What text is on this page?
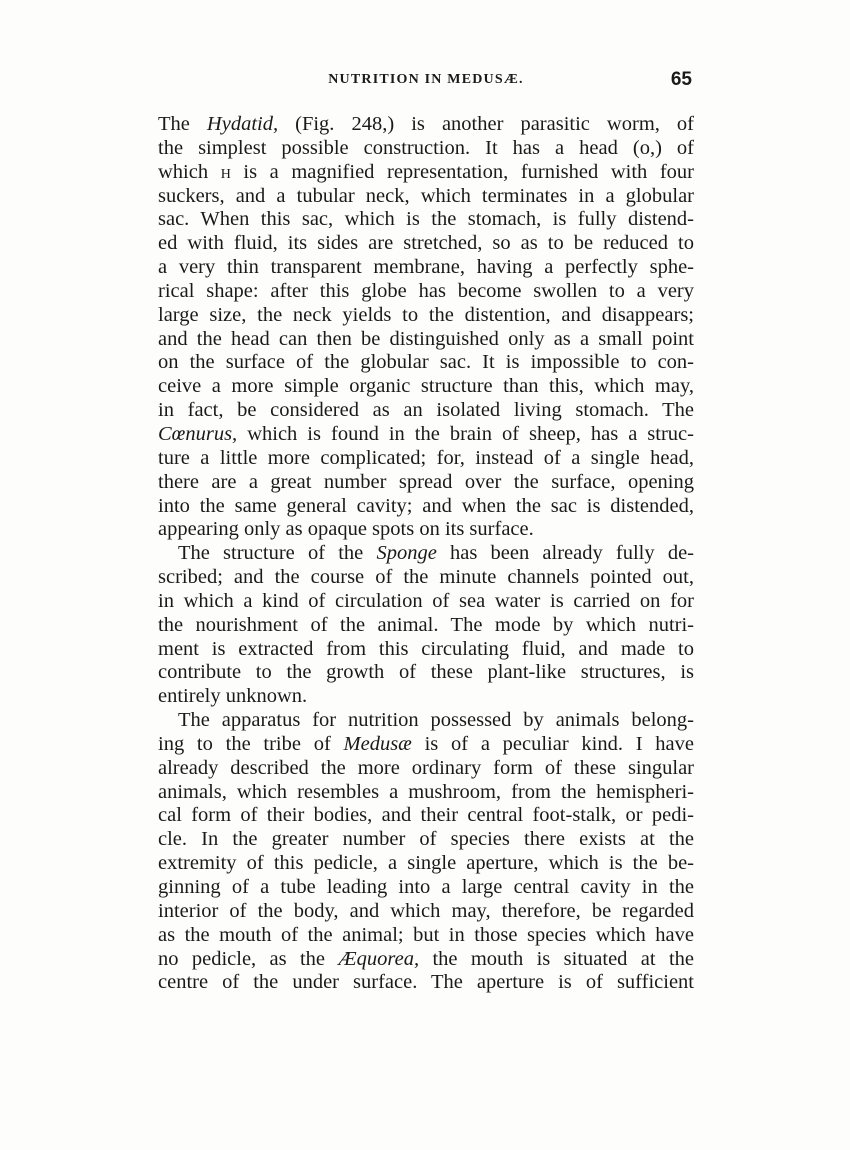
NUTRITION IN MEDUSÆ.	65
The Hydatid, (Fig. 248,) is another parasitic worm, of
the simplest possible construction. It has a head (o,) of
which H is a magnified representation, furnished with four
suckers, and a tubular neck, which terminates in a globular
sac. When this sac, which is the stomach, is fully distend-
ed with fluid, its sides are stretched, so as to be reduced to
a very thin transparent membrane, having a perfectly sphe-
rical shape: after this globe has become swollen to a very
large size, the neck yields to the distention, and disappears;
and the head can then be distinguished only as a small point
on the surface of the globular sac. It is impossible to con-
ceive a more simple organic structure than this, which may,
in fact, be considered as an isolated living stomach. The
Cœnurus, which is found in the brain of sheep, has a struc-
ture a little more complicated; for, instead of a single head,
there are a great number spread over the surface, opening
into the same general cavity; and when the sac is distended,
appearing only as opaque spots on its surface.
The structure of the Sponge has been already fully de-
scribed; and the course of the minute channels pointed out,
in which a kind of circulation of sea water is carried on for
the nourishment of the animal. The mode by which nutri-
ment is extracted from this circulating fluid, and made to
contribute to the growth of these plant-like structures, is
entirely unknown.
The apparatus for nutrition possessed by animals belong-
ing to the tribe of Medusæ is of a peculiar kind. I have
already described the more ordinary form of these singular
animals, which resembles a mushroom, from the hemispheri-
cal form of their bodies, and their central foot-stalk, or pedi-
cle. In the greater number of species there exists at the
extremity of this pedicle, a single aperture, which is the be-
ginning of a tube leading into a large central cavity in the
interior of the body, and which may, therefore, be regarded
as the mouth of the animal; but in those species which have
no pedicle, as the Æquorea, the mouth is situated at the
centre of the under surface. The aperture is of sufficient
